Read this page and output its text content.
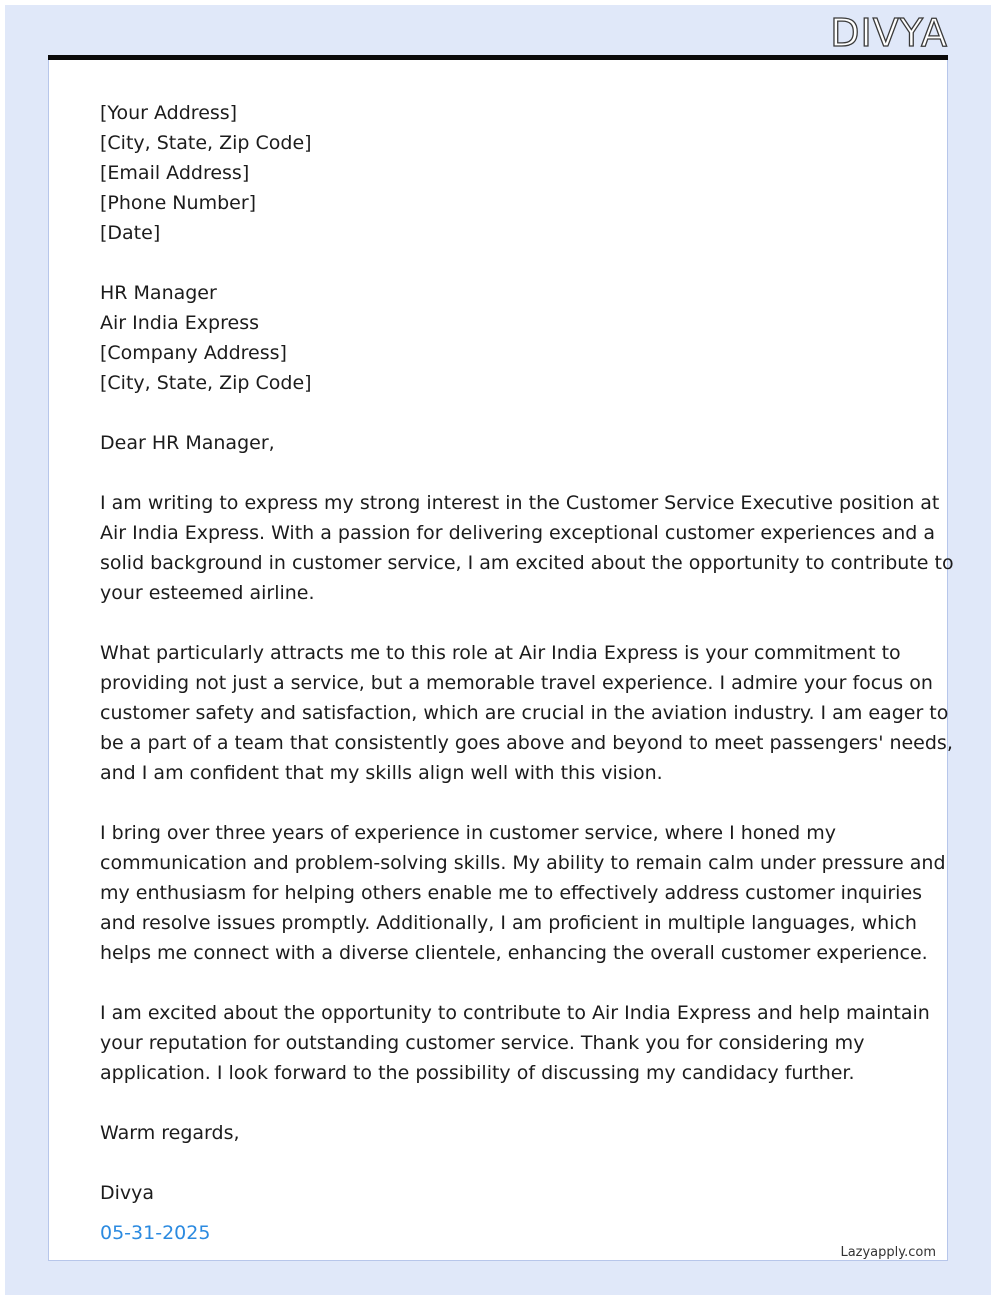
DIVYA
[Your Address]
[City, State, Zip Code]
[Email Address]
[Phone Number]
[Date]
HR Manager
Air India Express
[Company Address]
[City, State, Zip Code]
Dear HR Manager,
I am writing to express my strong interest in the Customer Service Executive position at
Air India Express. With a passion for delivering exceptional customer experiences and a
solid background in customer service, I am excited about the opportunity to contribute to
your esteemed airline.
What particularly attracts me to this role at Air India Express is your commitment to
providing not just a service, but a memorable travel experience. I admire your focus on
customer safety and satisfaction, which are crucial in the aviation industry. I am eager to
be a part of a team that consistently goes above and beyond to meet passengers' needs,
and I am confident that my skills align well with this vision.
I bring over three years of experience in customer service, where I honed my
communication and problem-solving skills. My ability to remain calm under pressure and
my enthusiasm for helping others enable me to effectively address customer inquiries
and resolve issues promptly. Additionally, I am proficient in multiple languages, which
helps me connect with a diverse clientele, enhancing the overall customer experience.
I am excited about the opportunity to contribute to Air India Express and help maintain
your reputation for outstanding customer service. Thank you for considering my
application. I look forward to the possibility of discussing my candidacy further.
Warm regards,
Divya
05-31-2025
Lazyapply.com
